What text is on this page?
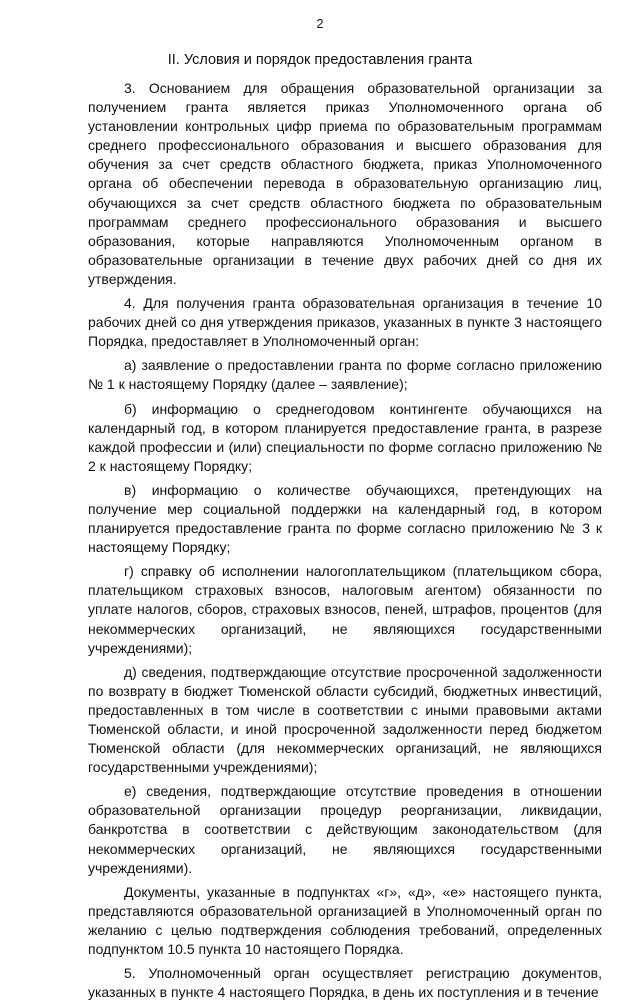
2
II. Условия и порядок предоставления гранта

3. Основанием для обращения образовательной организации за получением гранта является приказ Уполномоченного органа об установлении контрольных цифр приема по образовательным программам среднего профессионального образования и высшего образования для обучения за счет средств областного бюджета, приказ Уполномоченного органа об обеспечении перевода в образовательную организацию лиц, обучающихся за счет средств областного бюджета по образовательным программам среднего профессионального образования и высшего образования, которые направляются Уполномоченным органом в образовательные организации в течение двух рабочих дней со дня их утверждения.

4. Для получения гранта образовательная организация в течение 10 рабочих дней со дня утверждения приказов, указанных в пункте 3 настоящего Порядка, предоставляет в Уполномоченный орган:

а) заявление о предоставлении гранта по форме согласно приложению № 1 к настоящему Порядку (далее – заявление);

б) информацию о среднегодовом контингенте обучающихся на календарный год, в котором планируется предоставление гранта, в разрезе каждой профессии и (или) специальности по форме согласно приложению № 2 к настоящему Порядку;

в) информацию о количестве обучающихся, претендующих на получение мер социальной поддержки на календарный год, в котором планируется предоставление гранта по форме согласно приложению № 3 к настоящему Порядку;

г) справку об исполнении налогоплательщиком (плательщиком сбора, плательщиком страховых взносов, налоговым агентом) обязанности по уплате налогов, сборов, страховых взносов, пеней, штрафов, процентов (для некоммерческих организаций, не являющихся государственными учреждениями);

д) сведения, подтверждающие отсутствие просроченной задолженности по возврату в бюджет Тюменской области субсидий, бюджетных инвестиций, предоставленных в том числе в соответствии с иными правовыми актами Тюменской области, и иной просроченной задолженности перед бюджетом Тюменской области (для некоммерческих организаций, не являющихся государственными учреждениями);

е) сведения, подтверждающие отсутствие проведения в отношении образовательной организации процедур реорганизации, ликвидации, банкротства в соответствии с действующим законодательством (для некоммерческих организаций, не являющихся государственными учреждениями).

Документы, указанные в подпунктах «г», «д», «е» настоящего пункта, представляются образовательной организацией в Уполномоченный орган по желанию с целью подтверждения соблюдения требований, определенных подпунктом 10.5 пункта 10 настоящего Порядка.

5. Уполномоченный орган осуществляет регистрацию документов, указанных в пункте 4 настоящего Порядка, в день их поступления и в течение
